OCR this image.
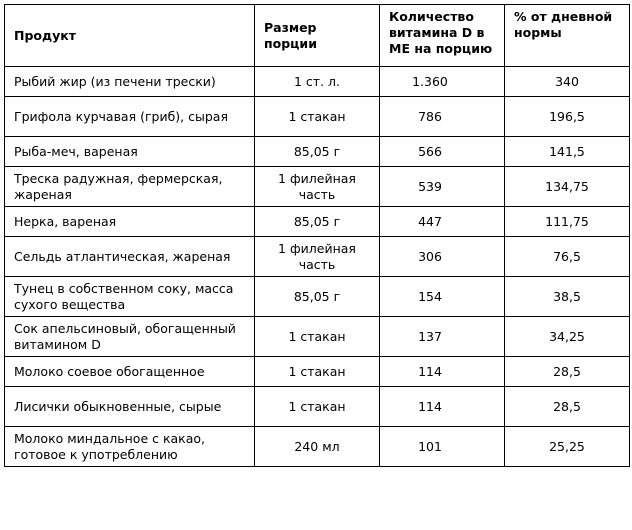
Продукт	Размер порции	Количество витамина D в МЕ на порцию	% от дневной нормы
Рыбий жир (из печени трески)	1 ст. л.	1.360	340
Грифола курчавая (гриб), сырая	1 стакан	786	196,5
Рыба-меч, вареная	85,05 г	566	141,5
Треска радужная, фермерская, жареная	1 филейная часть	539	134,75
Нерка, вареная	85,05 г	447	111,75
Сельдь атлантическая, жареная	1 филейная часть	306	76,5
Тунец в собственном соку, масса сухого вещества	85,05 г	154	38,5
Сок апельсиновый, обогащенный витамином D	1 стакан	137	34,25
Молоко соевое обогащенное	1 стакан	114	28,5
Лисички обыкновенные, сырые	1 стакан	114	28,5
Молоко миндальное с какао, готовое к употреблению	240 мл	101	25,25
